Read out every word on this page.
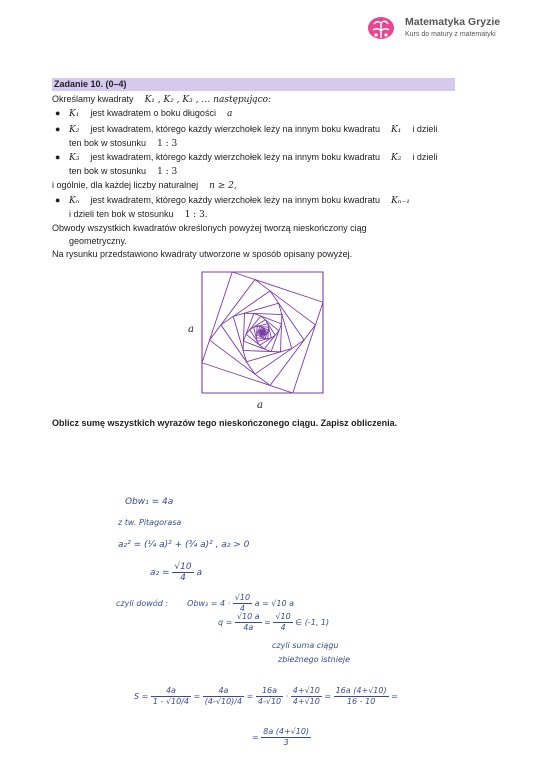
Matematyka Gryzie
Kurs do matury z matematyki
Zadanie 10. (0–4)
Określamy kwadraty K₁ , K₂ , K₃ , … następująco:
● K₁ jest kwadratem o boku długości a
● K₂ jest kwadratem, którego każdy wierzchołek leży na innym boku kwadratu K₁ i dzieli
ten bok w stosunku 1 : 3
● K₃ jest kwadratem, którego każdy wierzchołek leży na innym boku kwadratu K₂ i dzieli
ten bok w stosunku 1 : 3
i ogólnie, dla każdej liczby naturalnej n ≥ 2,
● Kₙ jest kwadratem, którego każdy wierzchołek leży na innym boku kwadratu Kₙ₋₁
i dzieli ten bok w stosunku 1 : 3.
Obwody wszystkich kwadratów określonych powyżej tworzą nieskończony ciąg
geometryczny.
Na rysunku przedstawiono kwadraty utworzone w sposób opisany powyżej.
a
a
Oblicz sumę wszystkich wyrazów tego nieskończonego ciągu. Zapisz obliczenia.
Obw₁ = 4a
z tw. Pitagorasa
a₂² = (¼ a)² + (¾ a)² , a₂ > 0
$a_2 = \frac{√10}{4}$ a
czyli dowód : $Obw_2 = 4 \cdot \frac{√10}{4}$ a = √10 a
$q = \frac{√10 a}{4a} = \frac{√10}{4}$ ∈ (-1, 1)
czyli suma ciągu
zbieżnego istnieje
$S = \frac{4a}{1 - √10/4} = \frac{4a}{(4-√10)/4} = \frac{16a}{4-√10} \cdot \frac{4+√10}{4+√10} = \frac{16a (4+√10)}{16 - 10}$ =
= $\frac{8a (4+√10)}{3}$
